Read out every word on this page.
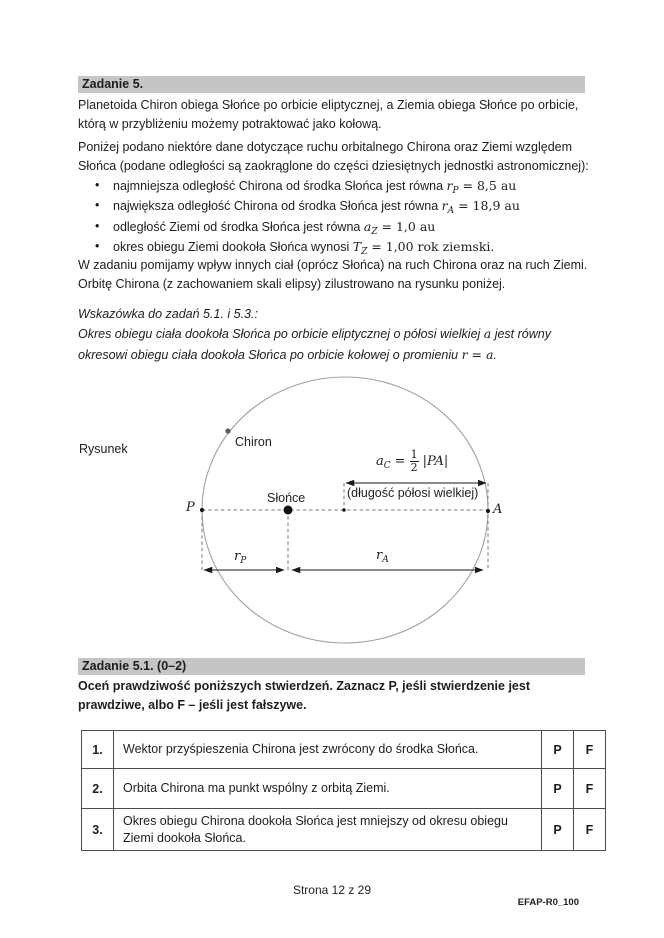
Zadanie 5.
Planetoida Chiron obiega Słońce po orbicie eliptycznej, a Ziemia obiega Słońce po orbicie,
którą w przybliżeniu możemy potraktować jako kołową.
Poniżej podano niektóre dane dotyczące ruchu orbitalnego Chirona oraz Ziemi względem
Słońca (podane odległości są zaokrąglone do części dziesiętnych jednostki astronomicznej):
• najmniejsza odległość Chirona od środka Słońca jest równa $r_P = 8,5$ au
• największa odległość Chirona od środka Słońca jest równa $r_A = 18,9$ au
• odległość Ziemi od środka Słońca jest równa $a_Z = 1,0$ au
• okres obiegu Ziemi dookoła Słońca wynosi $T_Z = 1,00$ rok ziemski.
W zadaniu pomijamy wpływ innych ciał (oprócz Słońca) na ruch Chirona oraz na ruch Ziemi.
Orbitę Chirona (z zachowaniem skali elipsy) zilustrowano na rysunku poniżej.
Wskazówka do zadań 5.1. i 5.3.:
Okres obiegu ciała dookoła Słońca po orbicie eliptycznej o półosi wielkiej a jest równy
okresowi obiegu ciała dookoła Słońca po orbicie kołowej o promieniu r = a.
Rysunek	Chiron
Słońce
P	A
$a_C = \frac{1}{2} |PA|$
(długość półosi wielkiej)
$r_P$	$r_A$
Zadanie 5.1. (0–2)
Oceń prawdziwość poniższych stwierdzeń. Zaznacz P, jeśli stwierdzenie jest
prawdziwe, albo F – jeśli jest fałszywe.
1.	Wektor przyśpieszenia Chirona jest zwrócony do środka Słońca.	P	F
2.	Orbita Chirona ma punkt wspólny z orbitą Ziemi.	P	F
3.	Okres obiegu Chirona dookoła Słońca jest mniejszy od okresu obiegu Ziemi dookoła Słońca.	P	F
Strona 12 z 29
EFAP-R0_100
